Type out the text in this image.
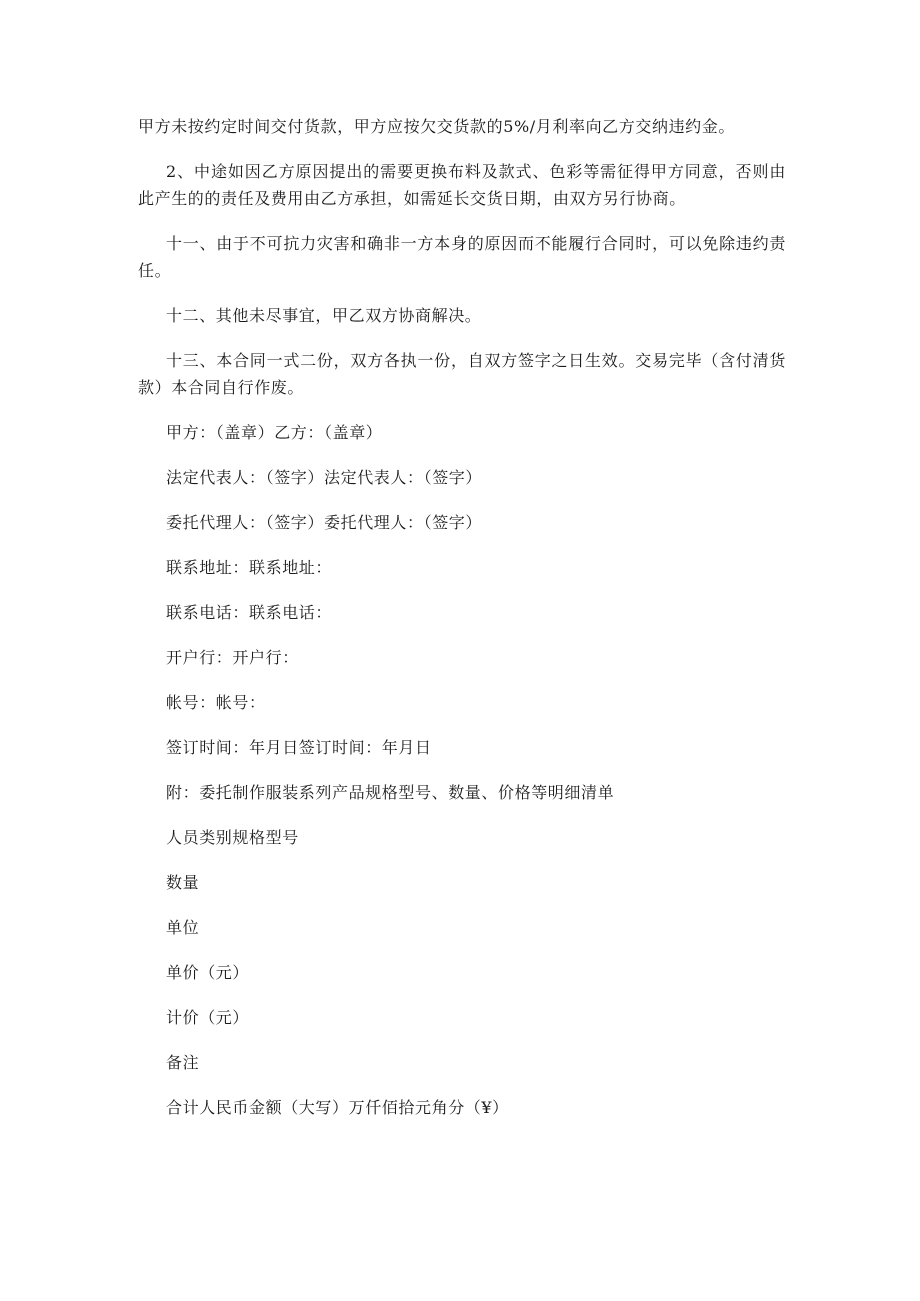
甲方未按约定时间交付货款，甲方应按欠交货款的5%/月利率向乙方交纳违约金。

2、中途如因乙方原因提出的需要更换布料及款式、色彩等需征得甲方同意，否则由此产生的的责任及费用由乙方承担，如需延长交货日期，由双方另行协商。

十一、由于不可抗力灾害和确非一方本身的原因而不能履行合同时，可以免除违约责任。

十二、其他未尽事宜，甲乙双方协商解决。

十三、本合同一式二份，双方各执一份，自双方签字之日生效。交易完毕（含付清货款）本合同自行作废。

甲方：（盖章）乙方：（盖章）

法定代表人：（签字）法定代表人：（签字）

委托代理人：（签字）委托代理人：（签字）

联系地址：联系地址：

联系电话：联系电话：

开户行：开户行：

帐号：帐号：

签订时间：年月日签订时间：年月日

附：委托制作服装系列产品规格型号、数量、价格等明细清单

人员类别规格型号

数量

单位

单价（元）

计价（元）

备注

合计人民币金额（大写）万仟佰拾元角分（¥）
